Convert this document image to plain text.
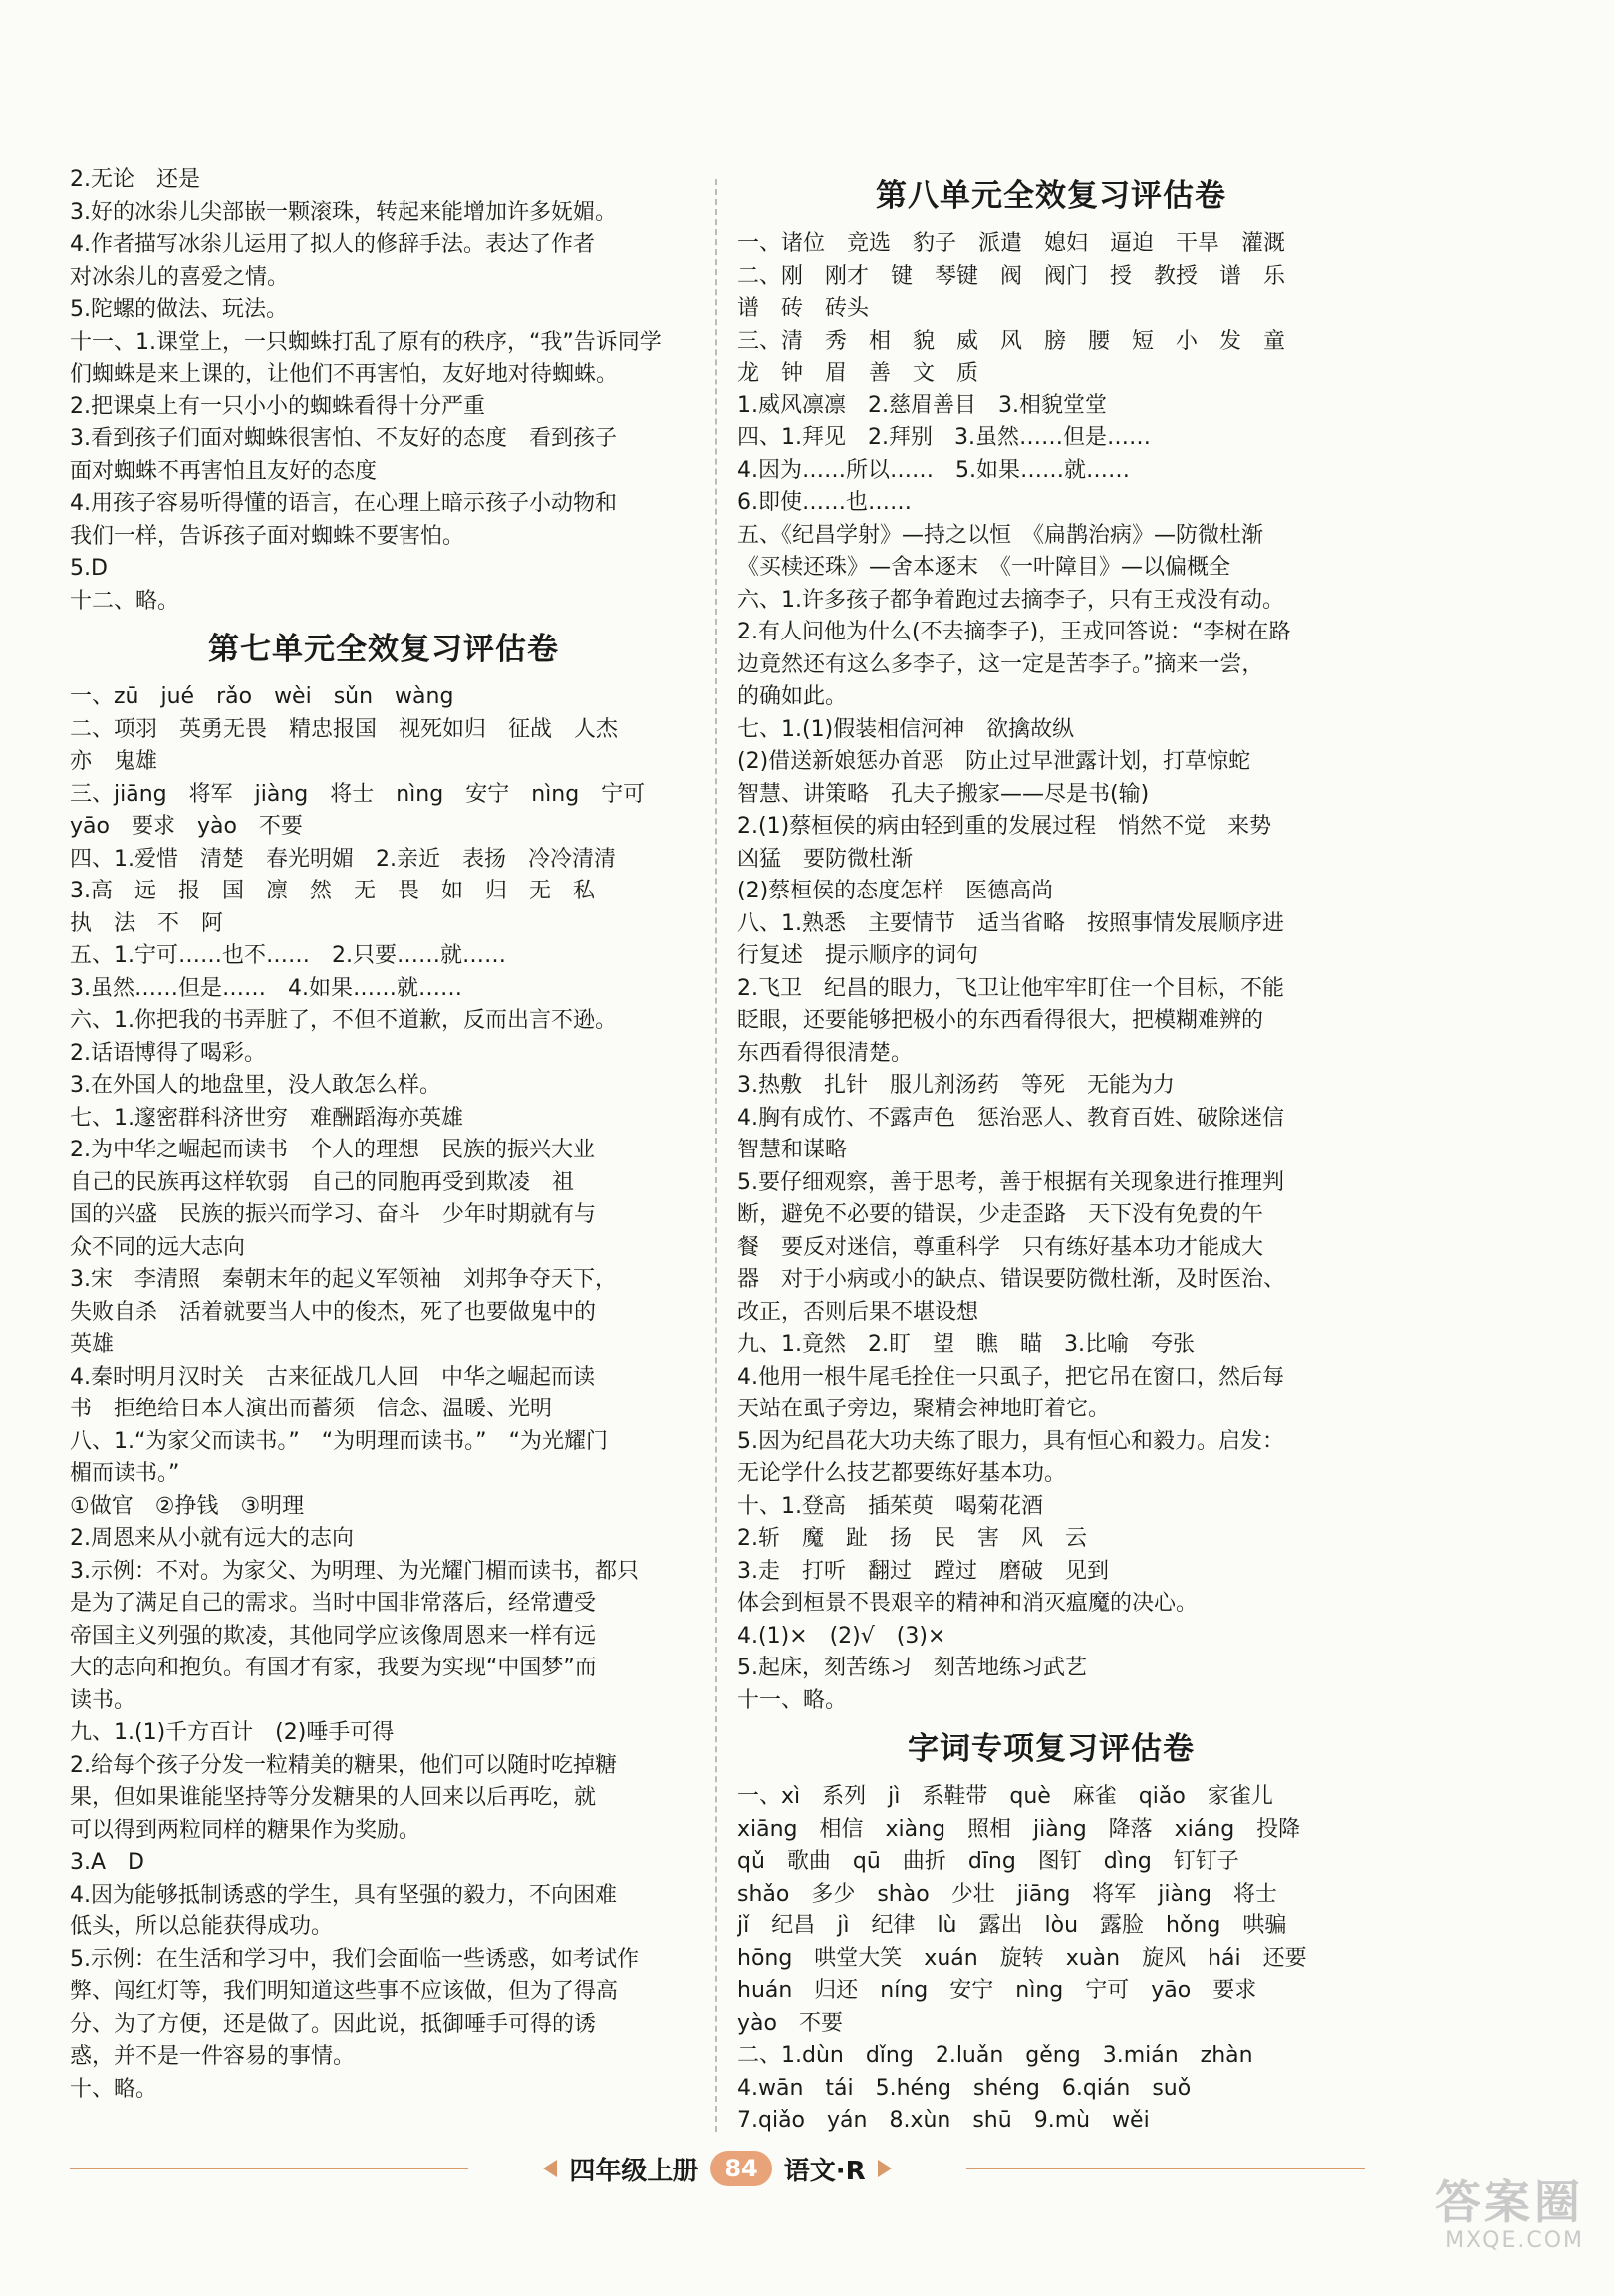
2.无论　还是
3.好的冰尜儿尖部嵌一颗滚珠，转起来能增加许多妩媚。
4.作者描写冰尜儿运用了拟人的修辞手法。表达了作者
对冰尜儿的喜爱之情。
5.陀螺的做法、玩法。
十一、1.课堂上，一只蜘蛛打乱了原有的秩序，“我”告诉同学
们蜘蛛是来上课的，让他们不再害怕，友好地对待蜘蛛。
2.把课桌上有一只小小的蜘蛛看得十分严重
3.看到孩子们面对蜘蛛很害怕、不友好的态度　看到孩子
面对蜘蛛不再害怕且友好的态度
4.用孩子容易听得懂的语言，在心理上暗示孩子小动物和
我们一样，告诉孩子面对蜘蛛不要害怕。
5.D
十二、略。
第七单元全效复习评估卷
一、zū　jué　rǎo　wèi　sǔn　wàng
二、项羽　英勇无畏　精忠报国　视死如归　征战　人杰
亦　鬼雄
三、jiāng　将军　jiàng　将士　nìng　安宁　nìng　宁可
yāo　要求　yào　不要
四、1.爱惜　清楚　春光明媚　2.亲近　表扬　冷冷清清
3.高　远　报　国　凛　然　无　畏　如　归　无　私
执　法　不　阿
五、1.宁可……也不……　2.只要……就……
3.虽然……但是……　4.如果……就……
六、1.你把我的书弄脏了，不但不道歉，反而出言不逊。
2.话语博得了喝彩。
3.在外国人的地盘里，没人敢怎么样。
七、1.邃密群科济世穷　难酬蹈海亦英雄
2.为中华之崛起而读书　个人的理想　民族的振兴大业
自己的民族再这样软弱　自己的同胞再受到欺凌　祖
国的兴盛　民族的振兴而学习、奋斗　少年时期就有与
众不同的远大志向
3.宋　李清照　秦朝末年的起义军领袖　刘邦争夺天下，
失败自杀　活着就要当人中的俊杰，死了也要做鬼中的
英雄
4.秦时明月汉时关　古来征战几人回　中华之崛起而读
书　拒绝给日本人演出而蓄须　信念、温暖、光明
八、1.“为家父而读书。”　“为明理而读书。”　“为光耀门
楣而读书。”
①做官　②挣钱　③明理
2.周恩来从小就有远大的志向
3.示例：不对。为家父、为明理、为光耀门楣而读书，都只
是为了满足自己的需求。当时中国非常落后，经常遭受
帝国主义列强的欺凌，其他同学应该像周恩来一样有远
大的志向和抱负。有国才有家，我要为实现“中国梦”而
读书。
九、1.(1)千方百计　(2)唾手可得
2.给每个孩子分发一粒精美的糖果，他们可以随时吃掉糖
果，但如果谁能坚持等分发糖果的人回来以后再吃，就
可以得到两粒同样的糖果作为奖励。
3.A　D
4.因为能够抵制诱惑的学生，具有坚强的毅力，不向困难
低头，所以总能获得成功。
5.示例：在生活和学习中，我们会面临一些诱惑，如考试作
弊、闯红灯等，我们明知道这些事不应该做，但为了得高
分、为了方便，还是做了。因此说，抵御唾手可得的诱
惑，并不是一件容易的事情。
十、略。
第八单元全效复习评估卷
一、诸位　竞选　豹子　派遣　媳妇　逼迫　干旱　灌溉
二、刚　刚才　键　琴键　阀　阀门　授　教授　谱　乐
谱　砖　砖头
三、清　秀　相　貌　威　风　膀　腰　短　小　发　童
龙　钟　眉　善　文　质
1.威风凛凛　2.慈眉善目　3.相貌堂堂
四、1.拜见　2.拜别　3.虽然……但是……
4.因为……所以……　5.如果……就……
6.即使……也……
五、《纪昌学射》—持之以恒　《扁鹊治病》—防微杜渐
《买椟还珠》—舍本逐末　《一叶障目》—以偏概全
六、1.许多孩子都争着跑过去摘李子，只有王戎没有动。
2.有人问他为什么(不去摘李子)，王戎回答说：“李树在路
边竟然还有这么多李子，这一定是苦李子。”摘来一尝，
的确如此。
七、1.(1)假装相信河神　欲擒故纵
(2)借送新娘惩办首恶　防止过早泄露计划，打草惊蛇
智慧、讲策略　孔夫子搬家——尽是书(输)
2.(1)蔡桓侯的病由轻到重的发展过程　悄然不觉　来势
凶猛　要防微杜渐
(2)蔡桓侯的态度怎样　医德高尚
八、1.熟悉　主要情节　适当省略　按照事情发展顺序进
行复述　提示顺序的词句
2.飞卫　纪昌的眼力，飞卫让他牢牢盯住一个目标，不能
眨眼，还要能够把极小的东西看得很大，把模糊难辨的
东西看得很清楚。
3.热敷　扎针　服儿剂汤药　等死　无能为力
4.胸有成竹、不露声色　惩治恶人、教育百姓、破除迷信
智慧和谋略
5.要仔细观察，善于思考，善于根据有关现象进行推理判
断，避免不必要的错误，少走歪路　天下没有免费的午
餐　要反对迷信，尊重科学　只有练好基本功才能成大
器　对于小病或小的缺点、错误要防微杜渐，及时医治、
改正，否则后果不堪设想
九、1.竟然　2.盯　望　瞧　瞄　3.比喻　夸张
4.他用一根牛尾毛拴住一只虱子，把它吊在窗口，然后每
天站在虱子旁边，聚精会神地盯着它。
5.因为纪昌花大功夫练了眼力，具有恒心和毅力。启发：
无论学什么技艺都要练好基本功。
十、1.登高　插茱萸　喝菊花酒
2.斩　魔　趾　扬　民　害　风　云
3.走　打听　翻过　蹚过　磨破　见到
体会到桓景不畏艰辛的精神和消灭瘟魔的决心。
4.(1)×　(2)√　(3)×
5.起床，刻苦练习　刻苦地练习武艺
十一、略。
字词专项复习评估卷
一、xì　系列　jì　系鞋带　què　麻雀　qiǎo　家雀儿
xiāng　相信　xiàng　照相　jiàng　降落　xiáng　投降
qǔ　歌曲　qū　曲折　dīng　图钉　dìng　钉钉子
shǎo　多少　shào　少壮　jiāng　将军　jiàng　将士
jǐ　纪昌　jì　纪律　lù　露出　lòu　露脸　hǒng　哄骗
hōng　哄堂大笑　xuán　旋转　xuàn　旋风　hái　还要
huán　归还　níng　安宁　nìng　宁可　yāo　要求
yào　不要
二、1.dùn　dǐng　2.luǎn　gěng　3.mián　zhàn
4.wān　tái　5.héng　shéng　6.qián　suǒ
7.qiǎo　yán　8.xùn　shū　9.mù　wěi
四年级上册	84	语文·R
答案圈
MXQE.COM
